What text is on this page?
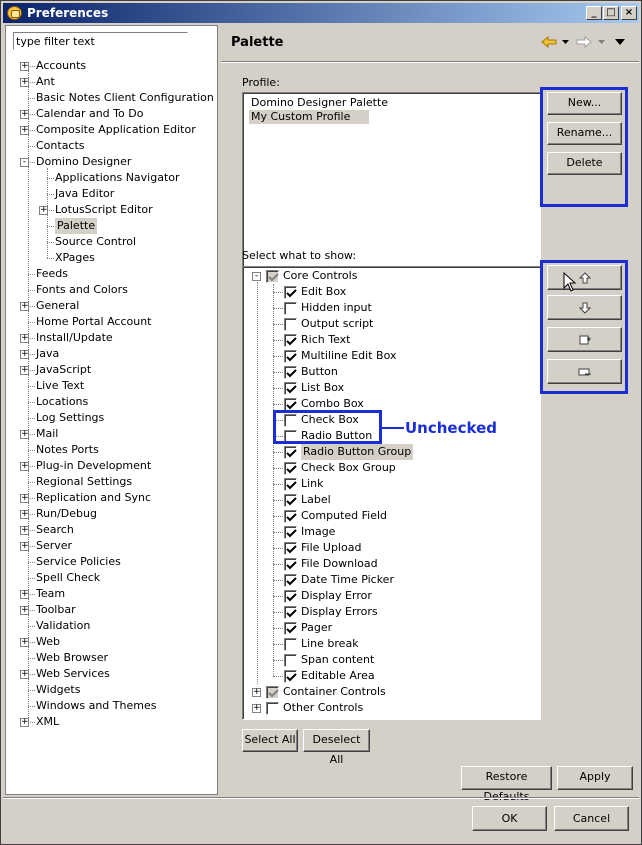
Preferences	_ □ ×
type filter text
+ Accounts
+ Ant
Basic Notes Client Configuration
+ Calendar and To Do
+ Composite Application Editor
Contacts
- Domino Designer
Applications Navigator
Java Editor
+ LotusScript Editor
Palette
Source Control
XPages
Feeds
Fonts and Colors
+ General
Home Portal Account
+ Install/Update
+ Java
+ JavaScript
Live Text
Locations
Log Settings
+ Mail
Notes Ports
+ Plug-in Development
Regional Settings
+ Replication and Sync
+ Run/Debug
+ Search
+ Server
Service Policies
Spell Check
+ Team
+ Toolbar
Validation
+ Web
Web Browser
+ Web Services
Widgets
Windows and Themes
+ XML
Palette
Profile:
Domino Designer Palette
My Custom Profile
New...
Rename...
Delete
Select what to show:
- Core Controls
Edit Box
Hidden input
Output script
Rich Text
Multiline Edit Box
Button
List Box
Combo Box
Check Box
Radio Button
Radio Button Group
Check Box Group
Link
Label
Computed Field
Image
File Upload
File Download
Date Time Picker
Display Error
Display Errors
Pager
Line break
Span content
Editable Area
+ Container Controls
+ Other Controls
Unchecked
Select All	Deselect All
Restore Defaults
Apply
OK	Cancel
